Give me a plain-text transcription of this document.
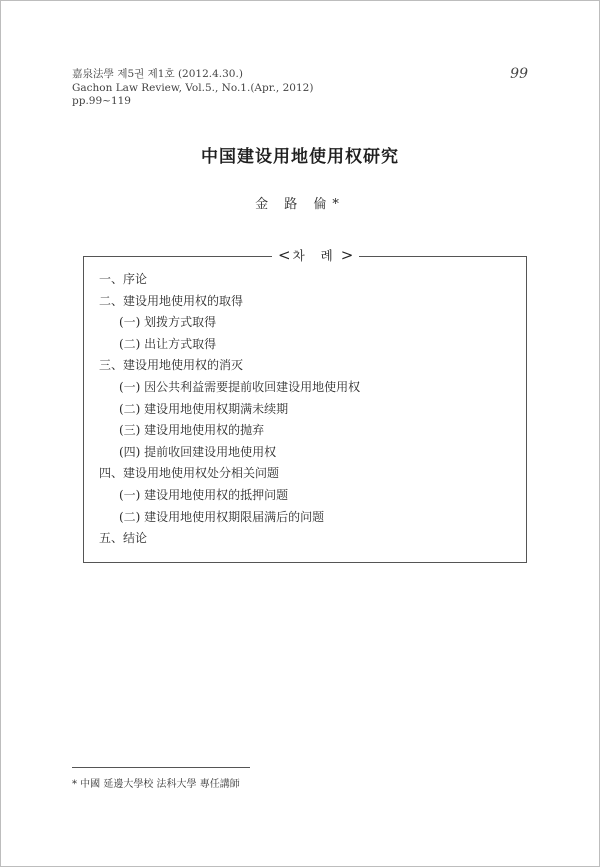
嘉泉法學 제5권 제1호 (2012.4.30.)
Gachon Law Review, Vol.5., No.1.(Apr., 2012)
pp.99~119
99
中国建设用地使用权研究
金 路 倫*
< 차 례 >
一、序论
二、建设用地使用权的取得
(一) 划拨方式取得
(二) 出让方式取得
三、建设用地使用权的消灭
(一) 因公共利益需要提前收回建设用地使用权
(二) 建设用地使用权期满未续期
(三) 建设用地使用权的抛弃
(四) 提前收回建设用地使用权
四、建设用地使用权处分相关问题
(一) 建设用地使用权的抵押问题
(二) 建设用地使用权期限届满后的问题
五、结论
* 中國 延邊大學校 法科大學 專任講師
